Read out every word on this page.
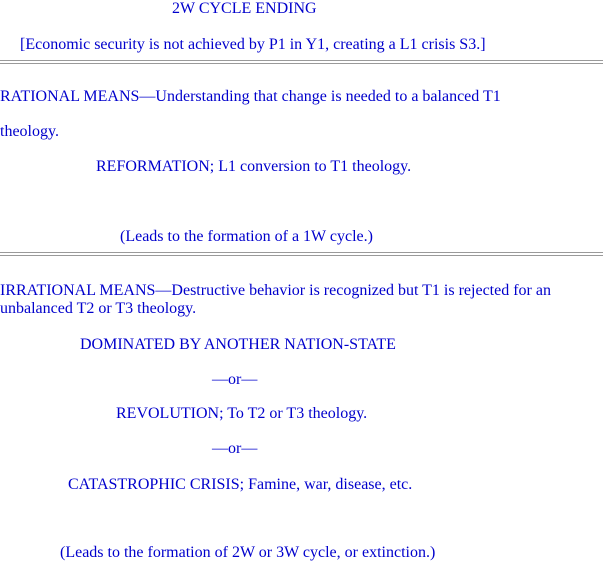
2W CYCLE ENDING
[Economic security is not achieved by P1 in Y1, creating a L1 crisis S3.]
RATIONAL MEANS—Understanding that change is needed to a balanced T1
theology.
REFORMATION; L1 conversion to T1 theology.
(Leads to the formation of a 1W cycle.)
IRRATIONAL MEANS—Destructive behavior is recognized but T1 is rejected for an unbalanced T2 or T3 theology.
DOMINATED BY ANOTHER NATION-STATE
—or—
REVOLUTION; To T2 or T3 theology.
—or—
CATASTROPHIC CRISIS; Famine, war, disease, etc.
(Leads to the formation of 2W or 3W cycle, or extinction.)
